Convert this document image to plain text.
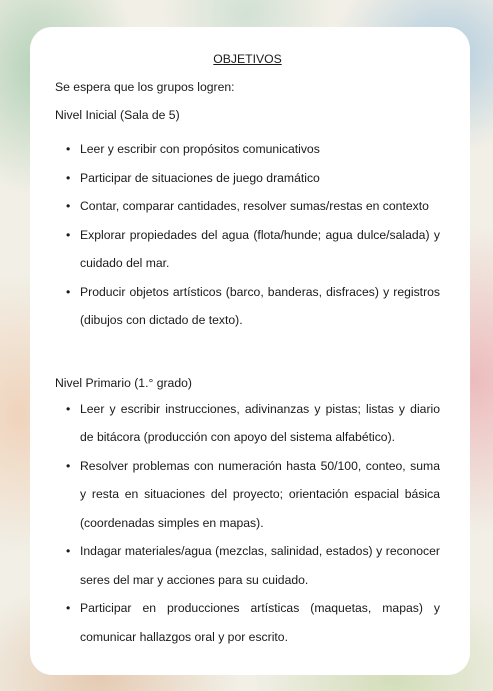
OBJETIVOS

Se espera que los grupos logren:

Nivel Inicial (Sala de 5)

• Leer y escribir con propósitos comunicativos
• Participar de situaciones de juego dramático
• Contar, comparar cantidades, resolver sumas/restas en contexto
• Explorar propiedades del agua (flota/hunde; agua dulce/salada) y cuidado del mar.
• Producir objetos artísticos (barco, banderas, disfraces) y registros (dibujos con dictado de texto).

Nivel Primario (1.° grado)

• Leer y escribir instrucciones, adivinanzas y pistas; listas y diario de bitácora (producción con apoyo del sistema alfabético).
• Resolver problemas con numeración hasta 50/100, conteo, suma y resta en situaciones del proyecto; orientación espacial básica (coordenadas simples en mapas).
• Indagar materiales/agua (mezclas, salinidad, estados) y reconocer seres del mar y acciones para su cuidado.
• Participar en producciones artísticas (maquetas, mapas) y comunicar hallazgos oral y por escrito.
